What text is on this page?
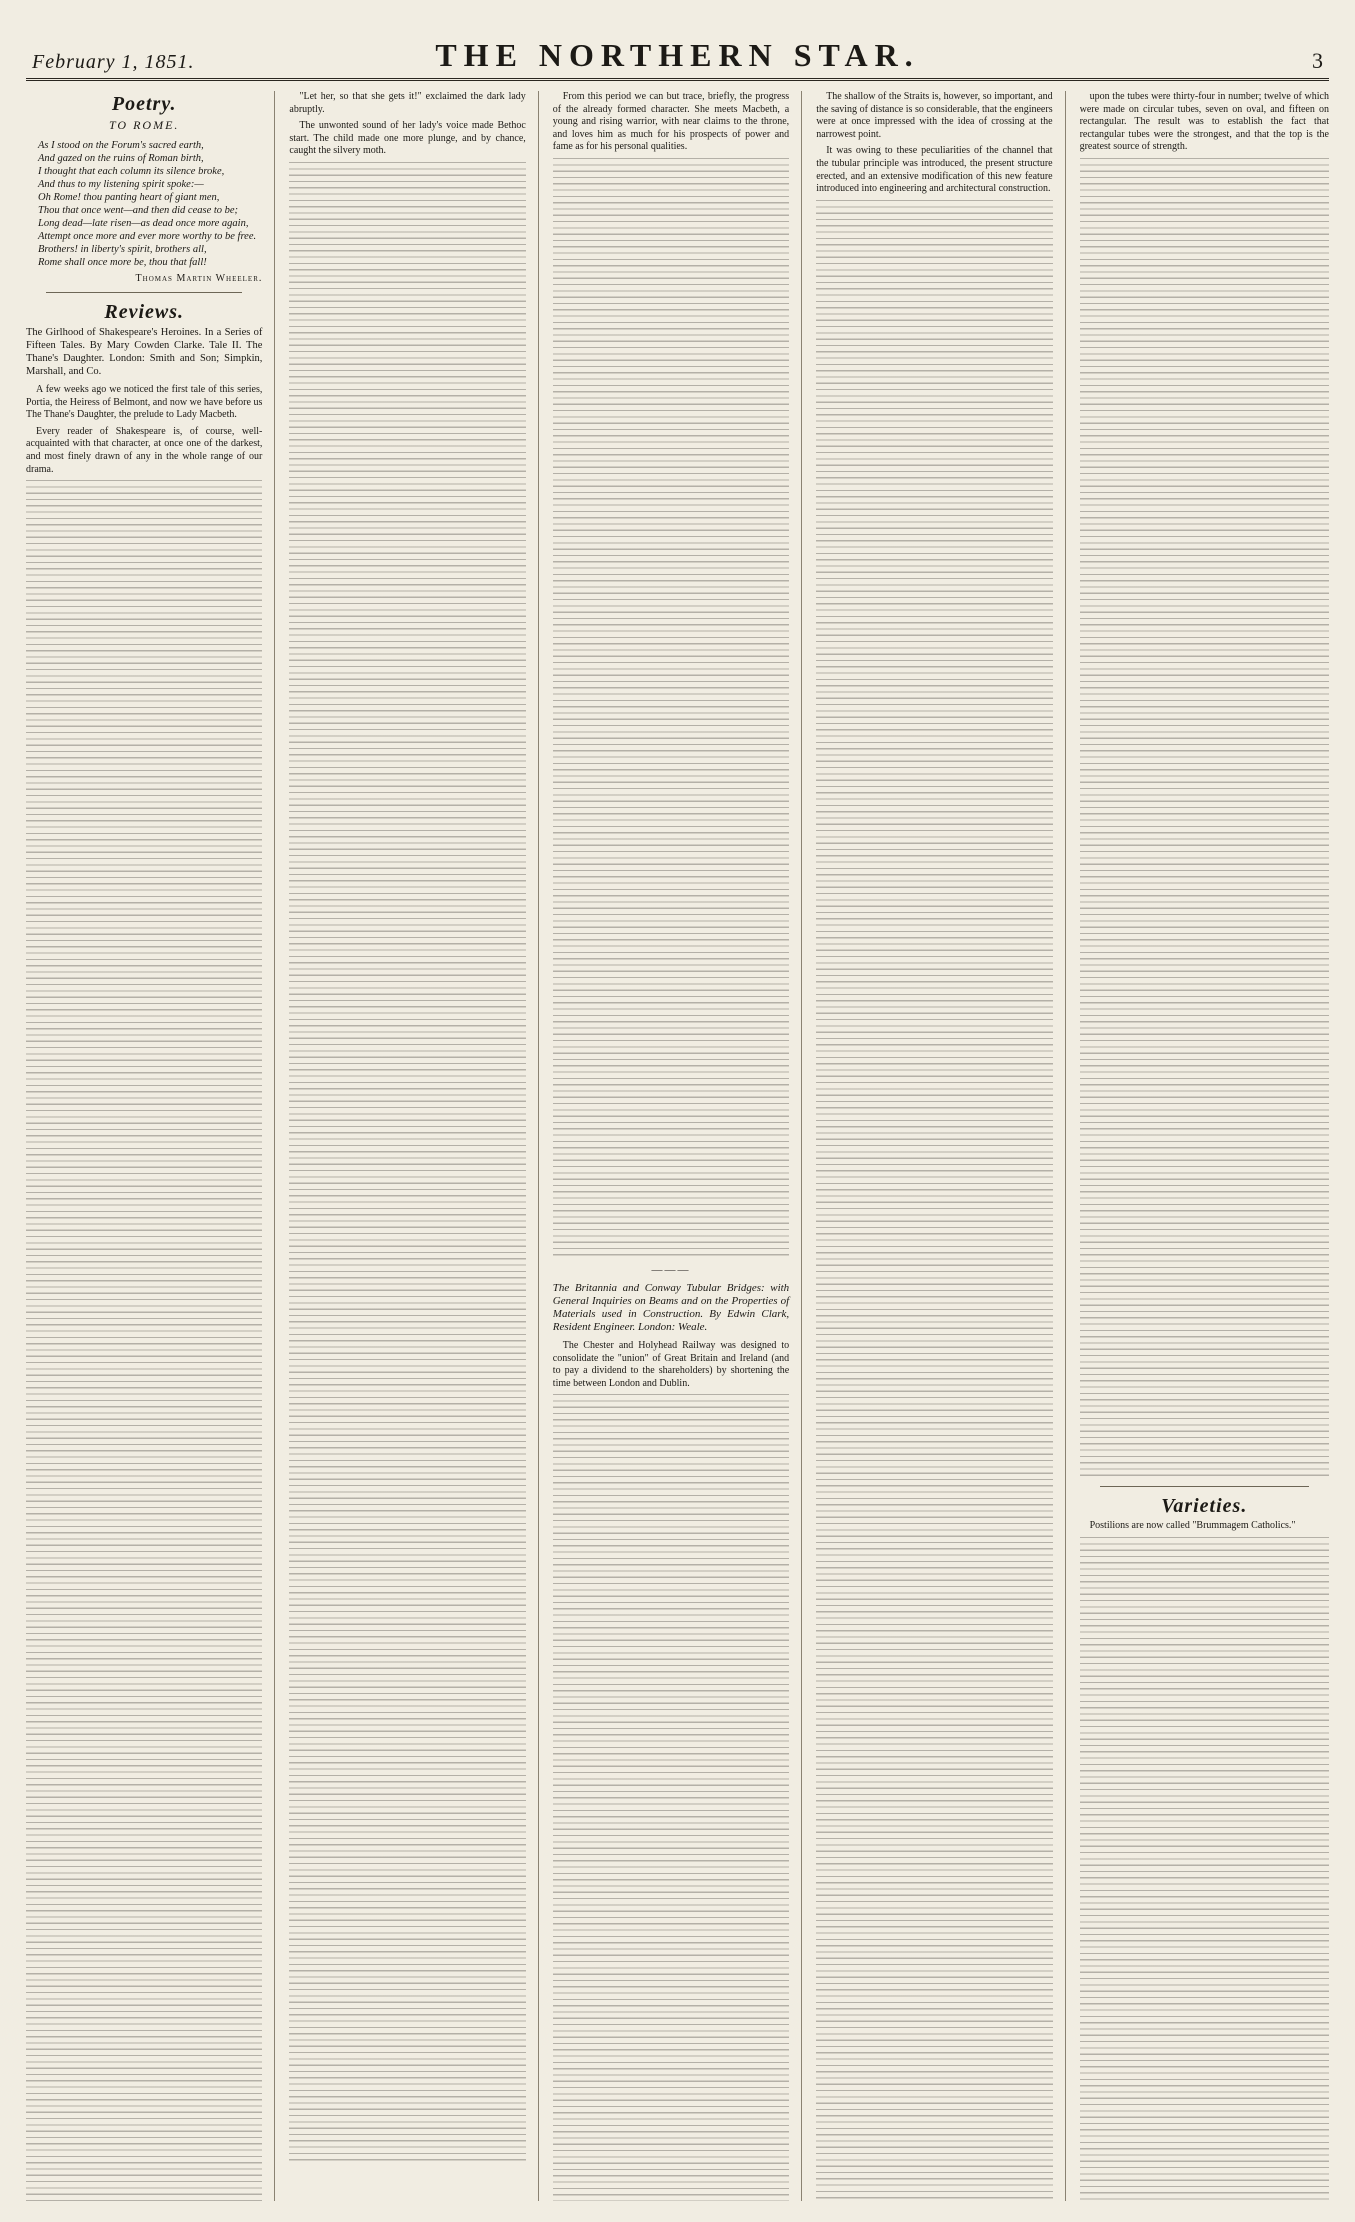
February 1, 1851.	THE NORTHERN STAR.	3
Poetry.
TO ROME.

As I stood on the Forum's sacred earth,

And gazed on the ruins of Roman birth,

I thought that each column its silence broke,

And thus to my listening spirit spoke:—

Oh Rome! thou panting heart of giant men,

Thou that once went—and then did cease to be;

Long dead—late risen—as dead once more again,

Attempt once more and ever more worthy to be free.

Brothers! in liberty's spirit, brothers all,

Rome shall once more be, thou that fall!

Thomas Martin Wheeler.
Reviews.
The Girlhood of Shakespeare's Heroines. In a Series of Fifteen Tales. By Mary Cowden Clarke. Tale II. The Thane's Daughter. London: Smith and Son; Simpkin, Marshall, and Co.

A few weeks ago we noticed the first tale of this series, Portia, the Heiress of Belmont, and now we have before us The Thane's Daughter, the prelude to Lady Macbeth.

Every reader of Shakespeare is, of course, well-acquainted with that character, at once one of the darkest, and most finely drawn of any in the whole range of our drama.

"Let her, so that she gets it!" exclaimed the dark lady abruptly.

The unwonted sound of her lady's voice made Bethoc start. The child made one more plunge, and by chance, caught the silvery moth.

From this period we can but trace, briefly, the progress of the already formed character. She meets Macbeth, a young and rising warrior, with near claims to the throne, and loves him as much for his prospects of power and fame as for his personal qualities.

———
The Britannia and Conway Tubular Bridges: with General Inquiries on Beams and on the Properties of Materials used in Construction. By Edwin Clark, Resident Engineer. London: Weale.

The Chester and Holyhead Railway was designed to consolidate the "union" of Great Britain and Ireland (and to pay a dividend to the shareholders) by shortening the time between London and Dublin.

The shallow of the Straits is, however, so important, and the saving of distance is so considerable, that the engineers were at once impressed with the idea of crossing at the narrowest point.

It was owing to these peculiarities of the channel that the tubular principle was introduced, the present structure erected, and an extensive modification of this new feature introduced into engineering and architectural construction.

upon the tubes were thirty-four in number; twelve of which were made on circular tubes, seven on oval, and fifteen on rectangular. The result was to establish the fact that rectangular tubes were the strongest, and that the top is the greatest source of strength.

Varieties.

Postilions are now called "Brummagem Catholics."
